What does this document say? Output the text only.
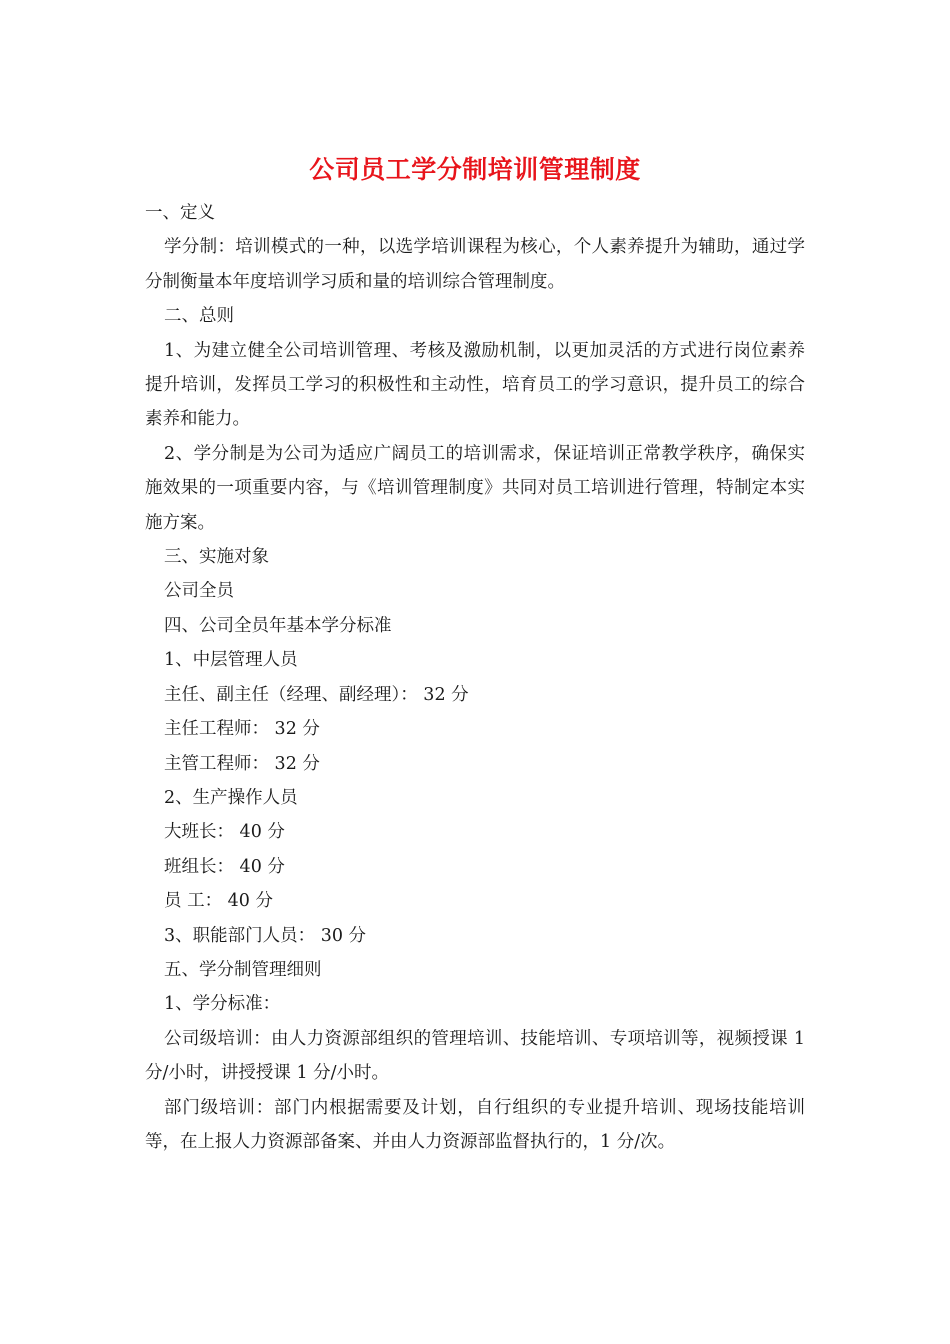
公司员工学分制培训管理制度

一、定义

学分制：培训模式的一种，以选学培训课程为核心，个人素养提升为辅助，通过学分制衡量本年度培训学习质和量的培训综合管理制度。

二、总则

1、为建立健全公司培训管理、考核及激励机制，以更加灵活的方式进行岗位素养提升培训，发挥员工学习的积极性和主动性，培育员工的学习意识，提升员工的综合素养和能力。

2、学分制是为公司为适应广阔员工的培训需求，保证培训正常教学秩序，确保实施效果的一项重要内容，与《培训管理制度》共同对员工培训进行管理，特制定本实施方案。

三、实施对象

公司全员

四、公司全员年基本学分标准

1、中层管理人员

主任、副主任（经理、副经理）： 32 分

主任工程师： 32 分

主管工程师： 32 分

2、生产操作人员

大班长： 40 分

班组长： 40 分

员 工： 40 分

3、职能部门人员： 30 分

五、学分制管理细则

1、学分标准：

公司级培训：由人力资源部组织的管理培训、技能培训、专项培训等，视频授课 1 分/小时，讲授授课 1 分/小时。

部门级培训：部门内根据需要及计划，自行组织的专业提升培训、现场技能培训等，在上报人力资源部备案、并由人力资源部监督执行的，1 分/次。
